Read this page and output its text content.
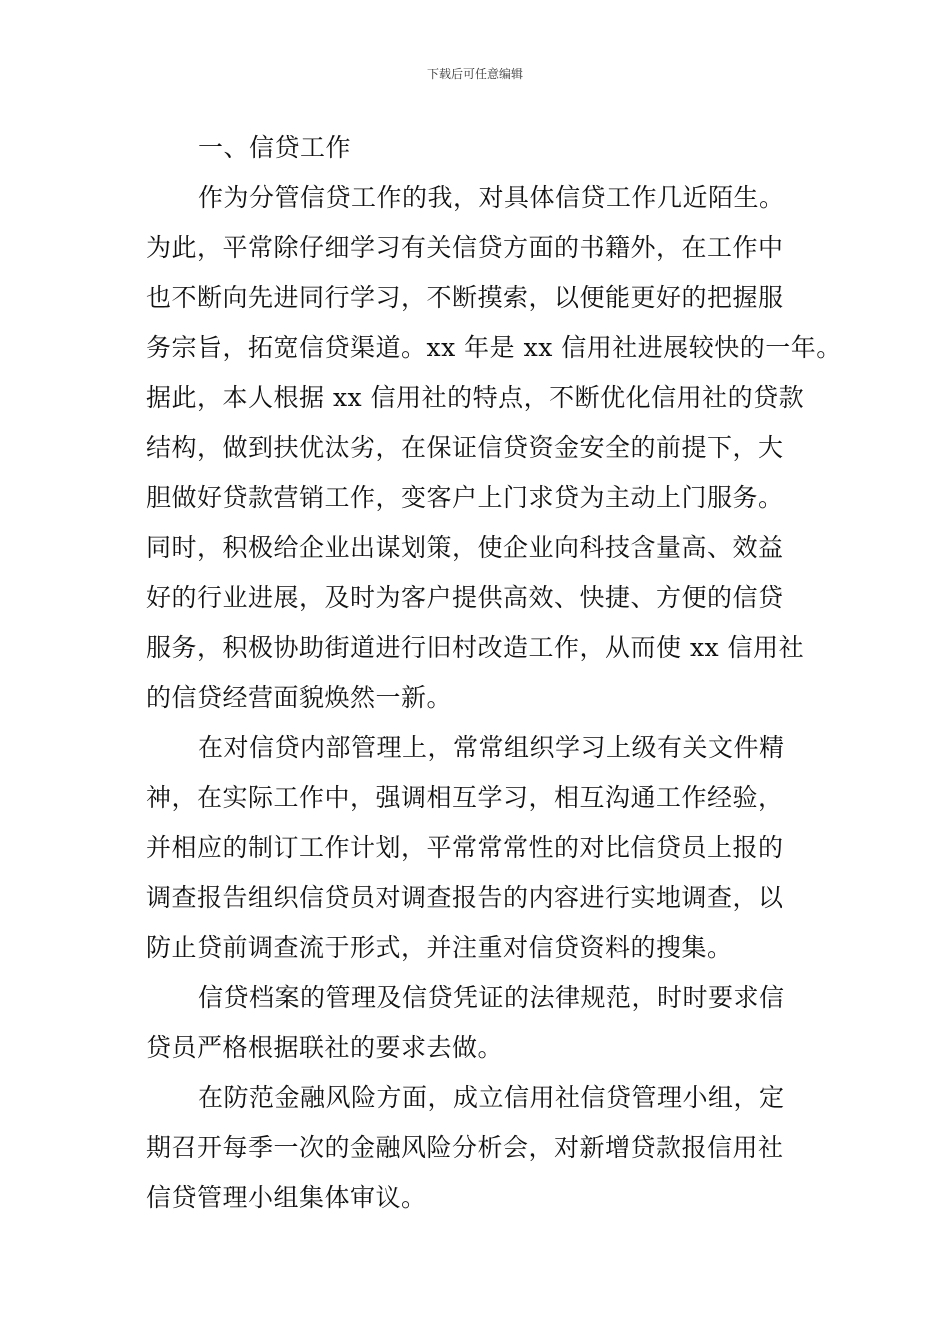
下载后可任意编辑
一、信贷工作
作为分管信贷工作的我，对具体信贷工作几近陌生。
为此，平常除仔细学习有关信贷方面的书籍外，在工作中
也不断向先进同行学习，不断摸索，以便能更好的把握服
务宗旨，拓宽信贷渠道。xx 年是 xx 信用社进展较快的一年。
据此，本人根据 xx 信用社的特点，不断优化信用社的贷款
结构，做到扶优汰劣，在保证信贷资金安全的前提下，大
胆做好贷款营销工作，变客户上门求贷为主动上门服务。
同时，积极给企业出谋划策，使企业向科技含量高、效益
好的行业进展，及时为客户提供高效、快捷、方便的信贷
服务，积极协助街道进行旧村改造工作，从而使 xx 信用社
的信贷经营面貌焕然一新。
在对信贷内部管理上，常常组织学习上级有关文件精
神，在实际工作中，强调相互学习，相互沟通工作经验，
并相应的制订工作计划，平常常常性的对比信贷员上报的
调查报告组织信贷员对调查报告的内容进行实地调查，以
防止贷前调查流于形式，并注重对信贷资料的搜集。
信贷档案的管理及信贷凭证的法律规范，时时要求信
贷员严格根据联社的要求去做。
在防范金融风险方面，成立信用社信贷管理小组，定
期召开每季一次的金融风险分析会，对新增贷款报信用社
信贷管理小组集体审议。
